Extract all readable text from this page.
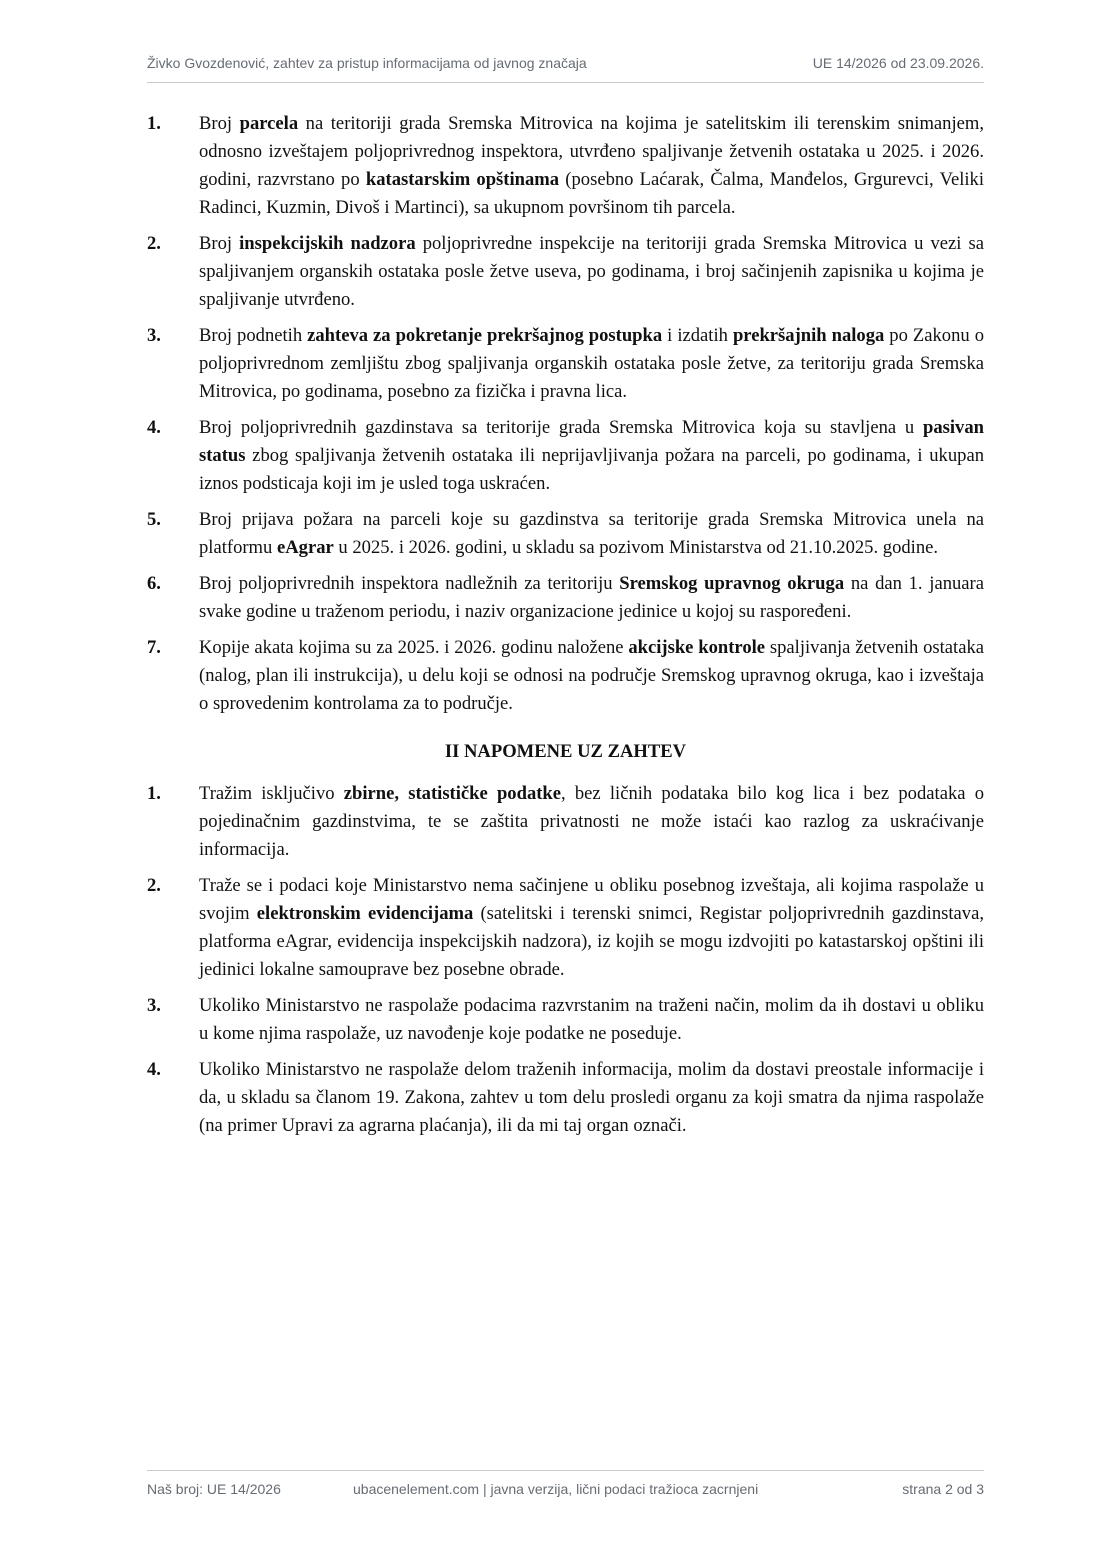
Živko Gvozdenović, zahtev za pristup informacijama od javnog značaja	UE 14/2026 od 23.09.2026.
1. Broj parcela na teritoriji grada Sremska Mitrovica na kojima je satelitskim ili terenskim snimanjem, odnosno izveštajem poljoprivrednog inspektora, utvrđeno spaljivanje žetvenih ostataka u 2025. i 2026. godini, razvrstano po katastarskim opštinama (posebno Laćarak, Čalma, Manđelos, Grgurevci, Veliki Radinci, Kuzmin, Divoš i Martinci), sa ukupnom površinom tih parcela.
2. Broj inspekcijskih nadzora poljoprivredne inspekcije na teritoriji grada Sremska Mitrovica u vezi sa spaljivanjem organskih ostataka posle žetve useva, po godinama, i broj sačinjenih zapisnika u kojima je spaljivanje utvrđeno.
3. Broj podnetih zahteva za pokretanje prekršajnog postupka i izdatih prekršajnih naloga po Zakonu o poljoprivrednom zemljištu zbog spaljivanja organskih ostataka posle žetve, za teritoriju grada Sremska Mitrovica, po godinama, posebno za fizička i pravna lica.
4. Broj poljoprivrednih gazdinstava sa teritorije grada Sremska Mitrovica koja su stavljena u pasivan status zbog spaljivanja žetvenih ostataka ili neprijavljivanja požara na parceli, po godinama, i ukupan iznos podsticaja koji im je usled toga uskraćen.
5. Broj prijava požara na parceli koje su gazdinstva sa teritorije grada Sremska Mitrovica unela na platformu eAgrar u 2025. i 2026. godini, u skladu sa pozivom Ministarstva od 21.10.2025. godine.
6. Broj poljoprivrednih inspektora nadležnih za teritoriju Sremskog upravnog okruga na dan 1. januara svake godine u traženom periodu, i naziv organizacione jedinice u kojoj su raspoređeni.
7. Kopije akata kojima su za 2025. i 2026. godinu naložene akcijske kontrole spaljivanja žetvenih ostataka (nalog, plan ili instrukcija), u delu koji se odnosi na područje Sremskog upravnog okruga, kao i izveštaja o sprovedenim kontrolama za to područje.
II NAPOMENE UZ ZAHTEV
1. Tražim isključivo zbirne, statističke podatke, bez ličnih podataka bilo kog lica i bez podataka o pojedinačnim gazdinstvima, te se zaštita privatnosti ne može istaći kao razlog za uskraćivanje informacija.
2. Traže se i podaci koje Ministarstvo nema sačinjene u obliku posebnog izveštaja, ali kojima raspolaže u svojim elektronskim evidencijama (satelitski i terenski snimci, Registar poljoprivrednih gazdinstava, platforma eAgrar, evidencija inspekcijskih nadzora), iz kojih se mogu izdvojiti po katastarskoj opštini ili jedinici lokalne samouprave bez posebne obrade.
3. Ukoliko Ministarstvo ne raspolaže podacima razvrstanim na traženi način, molim da ih dostavi u obliku u kome njima raspolaže, uz navođenje koje podatke ne poseduje.
4. Ukoliko Ministarstvo ne raspolaže delom traženih informacija, molim da dostavi preostale informacije i da, u skladu sa članom 19. Zakona, zahtev u tom delu prosledi organu za koji smatra da njima raspolaže (na primer Upravi za agrarna plaćanja), ili da mi taj organ označi.
Naš broj: UE 14/2026	ubacenelement.com | javna verzija, lični podaci tražioca zacrnjeni	strana 2 od 3
